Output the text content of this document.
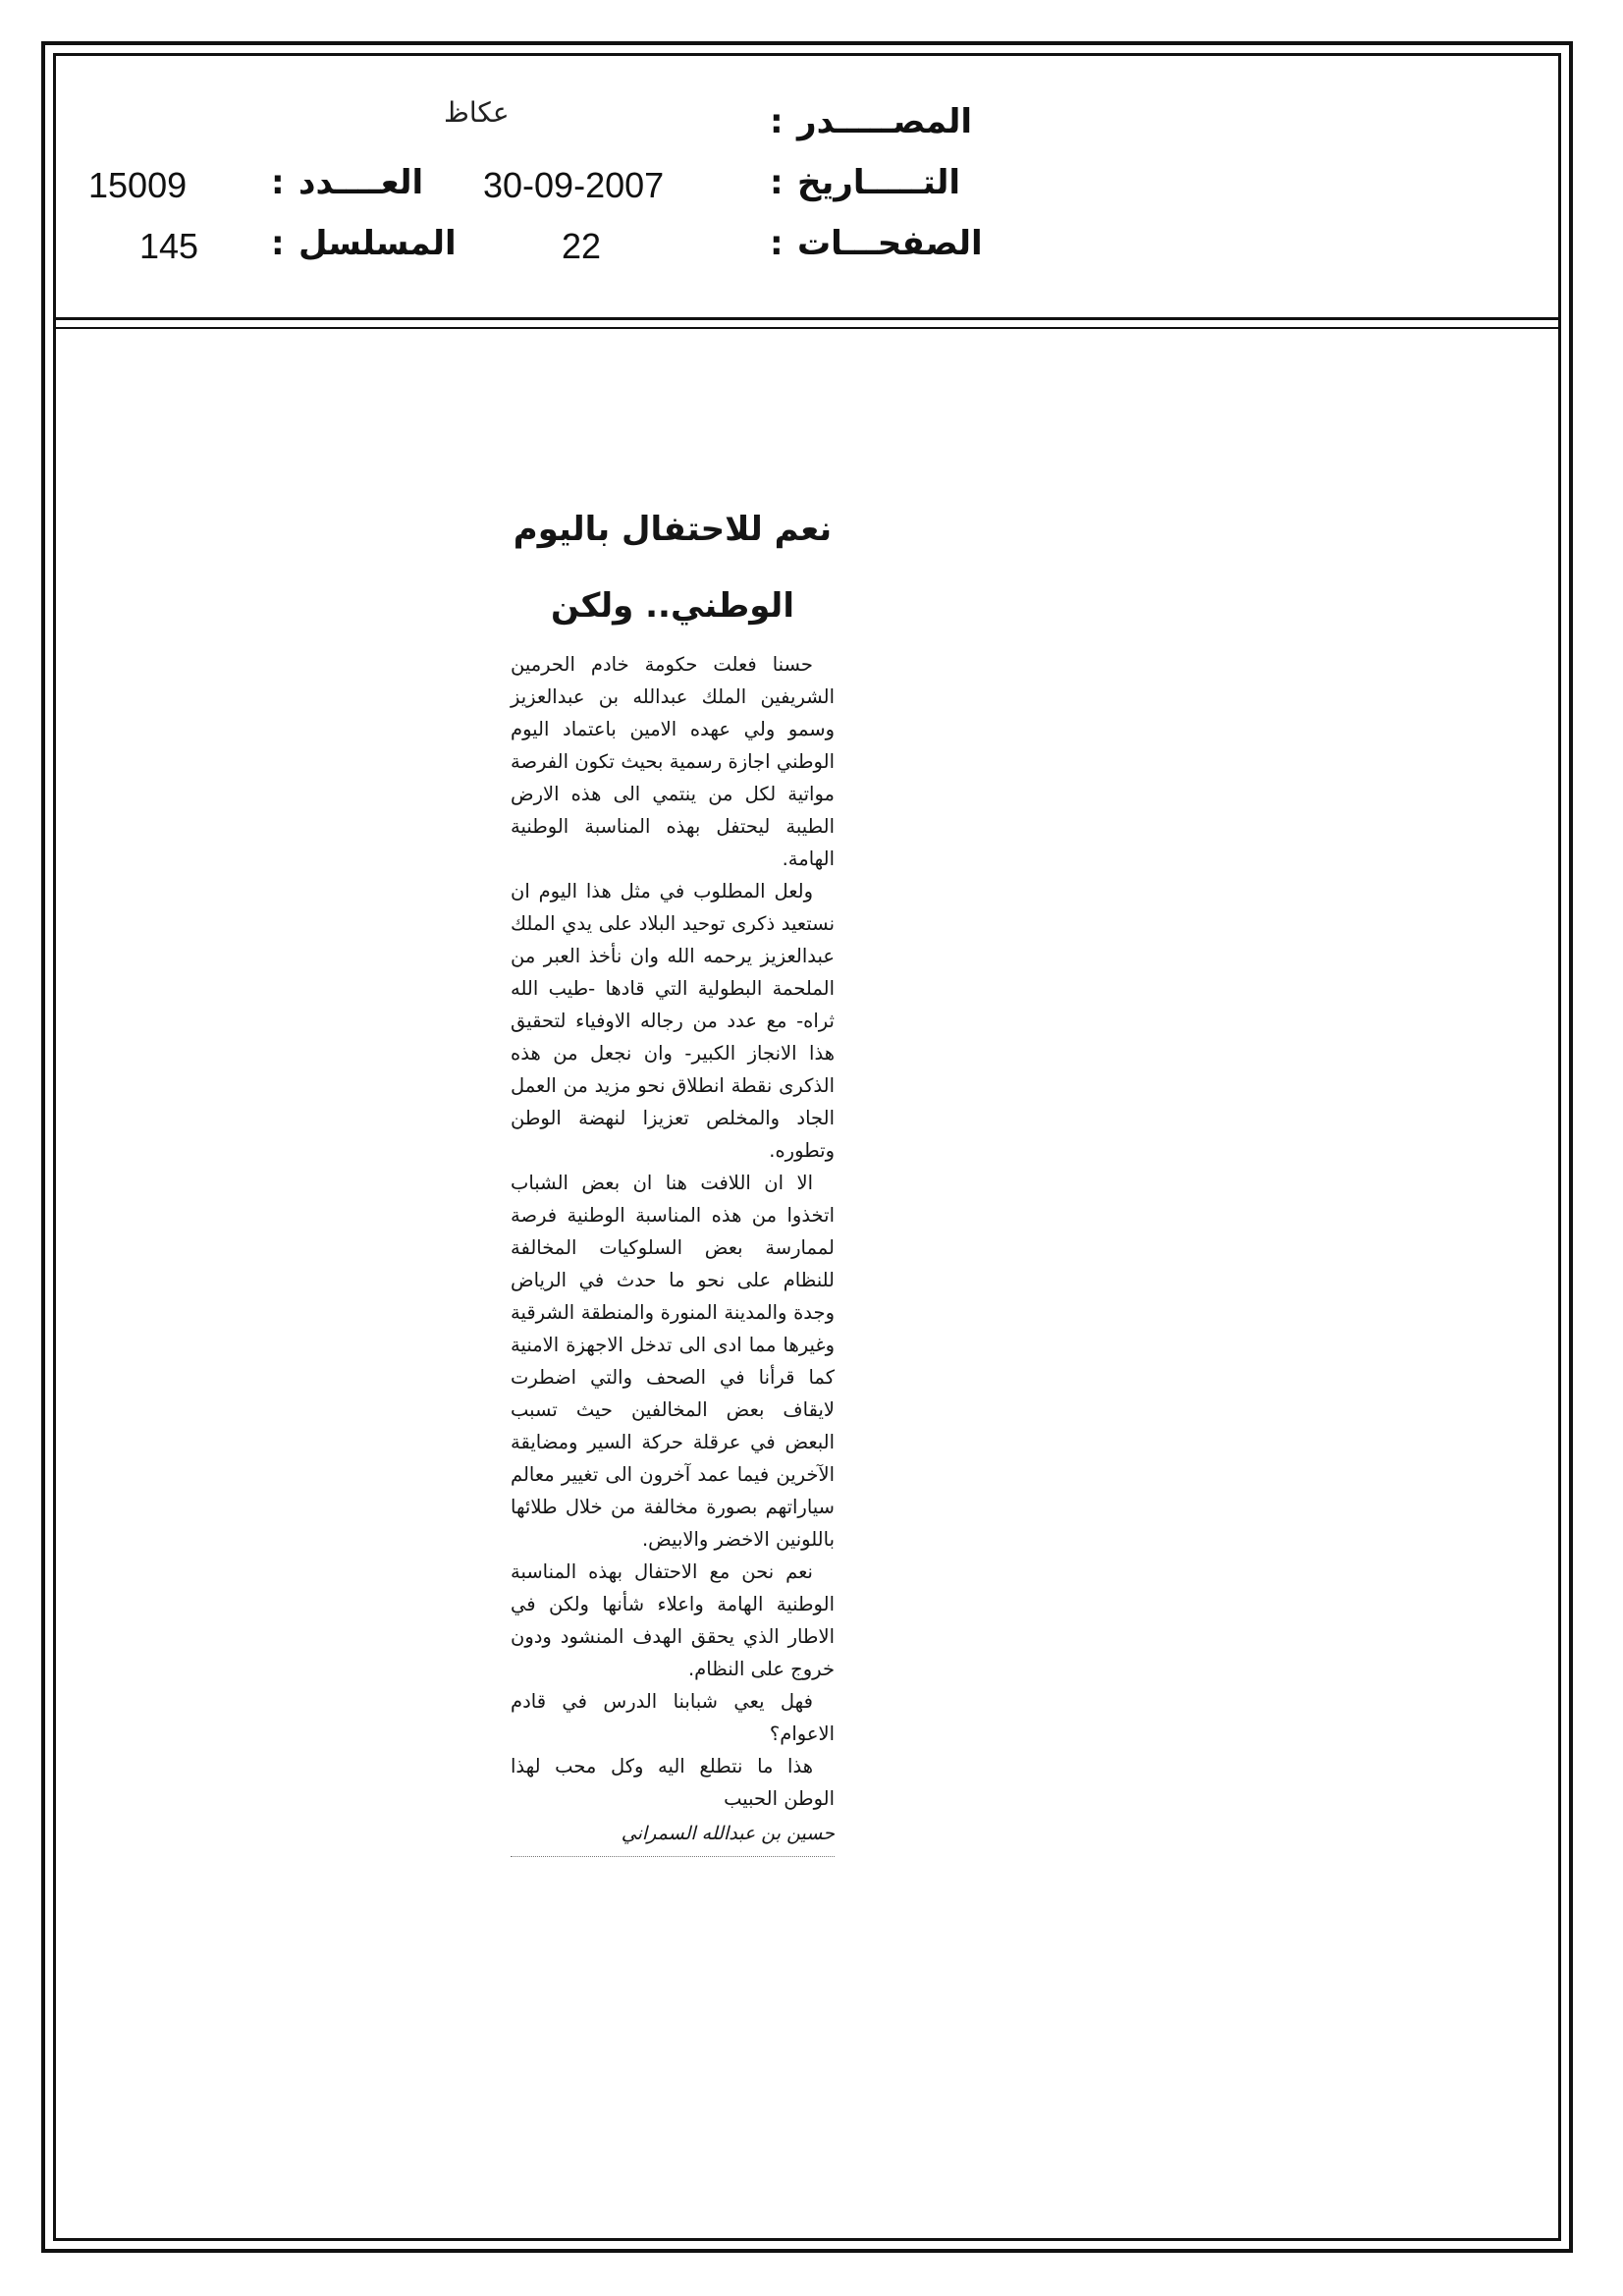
المصـــــدر
:
عكاظ
التـــــاريخ
:
30-09-2007
العــــدد
:
15009
الصفحـــات
:
22
المسلسل
:
145
نعم للاحتفال باليوم
الوطني.. ولكن

حسنا فعلت حكومة خادم الحرمين الشريفين الملك عبدالله بن عبدالعزيز وسمو ولي عهده الامين باعتماد اليوم الوطني اجازة رسمية بحيث تكون الفرصة مواتية لكل من ينتمي الى هذه الارض الطيبة ليحتفل بهذه المناسبة الوطنية الهامة.

ولعل المطلوب في مثل هذا اليوم ان نستعيد ذكرى توحيد البلاد على يدي الملك عبدالعزيز يرحمه الله وان نأخذ العبر من الملحمة البطولية التي قادها -طيب الله ثراه- مع عدد من رجاله الاوفياء لتحقيق هذا الانجاز الكبير- وان نجعل من هذه الذكرى نقطة انطلاق نحو مزيد من العمل الجاد والمخلص تعزيزا لنهضة الوطن وتطوره.

الا ان اللافت هنا ان بعض الشباب اتخذوا من هذه المناسبة الوطنية فرصة لممارسة بعض السلوكيات المخالفة للنظام على نحو ما حدث في الرياض وجدة والمدينة المنورة والمنطقة الشرقية وغيرها مما ادى الى تدخل الاجهزة الامنية كما قرأنا في الصحف والتي اضطرت لايقاف بعض المخالفين حيث تسبب البعض في عرقلة حركة السير ومضايقة الآخرين فيما عمد آخرون الى تغيير معالم سياراتهم بصورة مخالفة من خلال طلائها باللونين الاخضر والابيض.

نعم نحن مع الاحتفال بهذه المناسبة الوطنية الهامة واعلاء شأنها ولكن في الاطار الذي يحقق الهدف المنشود ودون خروج على النظام.

فهل يعي شبابنا الدرس في قادم الاعوام؟

هذا ما نتطلع اليه وكل محب لهذا الوطن الحبيب

حسين بن عبدالله السمراني
